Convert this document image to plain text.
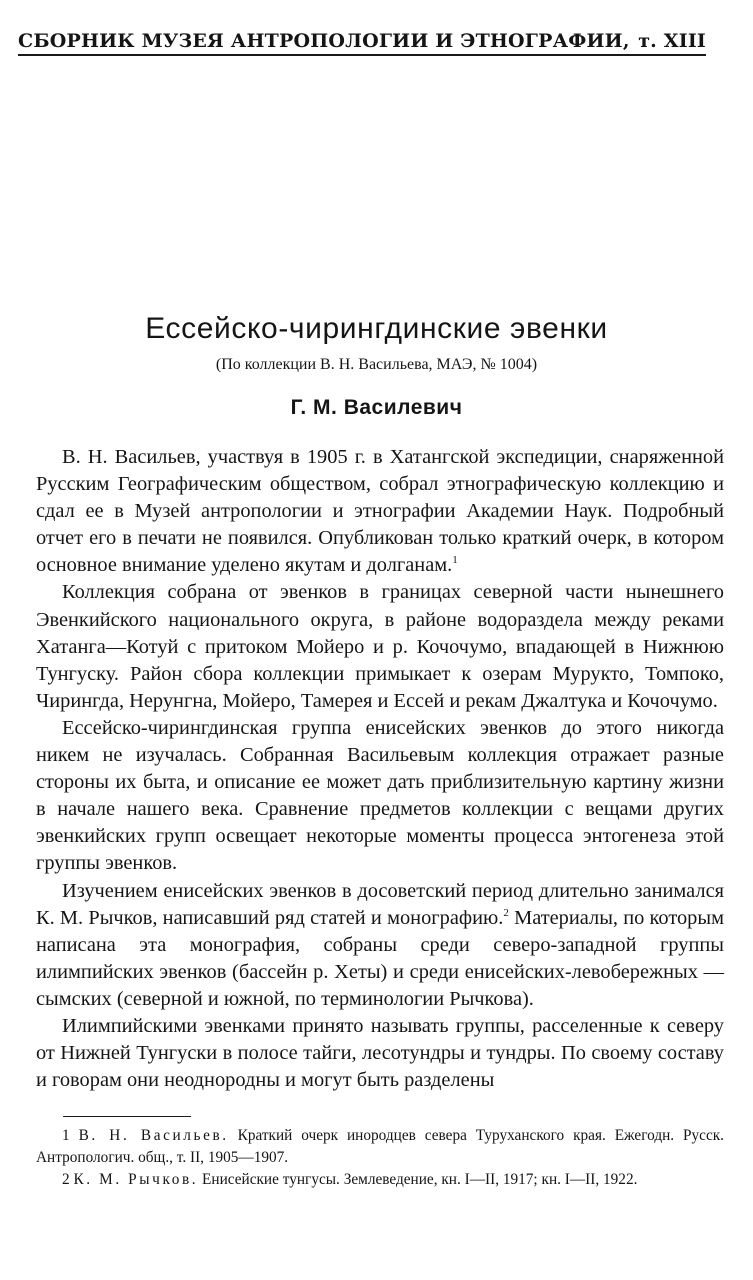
СБОРНИК МУЗЕЯ АНТРОПОЛОГИИ И ЭТНОГРАФИИ, т. XIII
Ессейско-чирингдинские эвенки
(По коллекции В. Н. Васильева, МАЭ, № 1004)
Г. М. Василевич

В. Н. Васильев, участвуя в 1905 г. в Хатангской экспедиции, снаряженной Русским Географическим обществом, собрал этнографическую коллекцию и сдал ее в Музей антропологии и этнографии Академии Наук. Подробный отчет его в печати не появился. Опубликован только краткий очерк, в котором основное внимание уделено якутам и долганам.$^1$

Коллекция собрана от эвенков в границах северной части нынешнего Эвенкийского национального округа, в районе водораздела между реками Хатанга—Котуй с притоком Мойеро и р. Кочочумо, впадающей в Нижнюю Тунгуску. Район сбора коллекции примыкает к озерам Мурукто, Томпоко, Чирингда, Нерунгна, Мойеро, Тамерея и Ессей и рекам Джалтука и Кочочумо.

Ессейско-чирингдинская группа енисейских эвенков до этого никогда никем не изучалась. Собранная Васильевым коллекция отражает разные стороны их быта, и описание ее может дать приблизительную картину жизни в начале нашего века. Сравнение предметов коллекции с вещами других эвенкийских групп освещает некоторые моменты процесса энтогенеза этой группы эвенков.

Изучением енисейских эвенков в досоветский период длительно занимался К. М. Рычков, написавший ряд статей и монографию.$^2$ Материалы, по которым написана эта монография, собраны среди северо-западной группы илимпийских эвенков (бассейн р. Хеты) и среди енисейских-левобережных — сымских (северной и южной, по терминологии Рычкова).

Илимпийскими эвенками принято называть группы, расселенные к северу от Нижней Тунгуски в полосе тайги, лесотундры и тундры. По своему составу и говорам они неоднородны и могут быть разделены

1 В. Н. Васильев. Краткий очерк инородцев севера Туруханского края. Ежегодн. Русск. Антропологич. общ., т. II, 1905—1907.

2 К. М. Рычков. Енисейские тунгусы. Землеведение, кн. I—II, 1917; кн. I—II, 1922.
